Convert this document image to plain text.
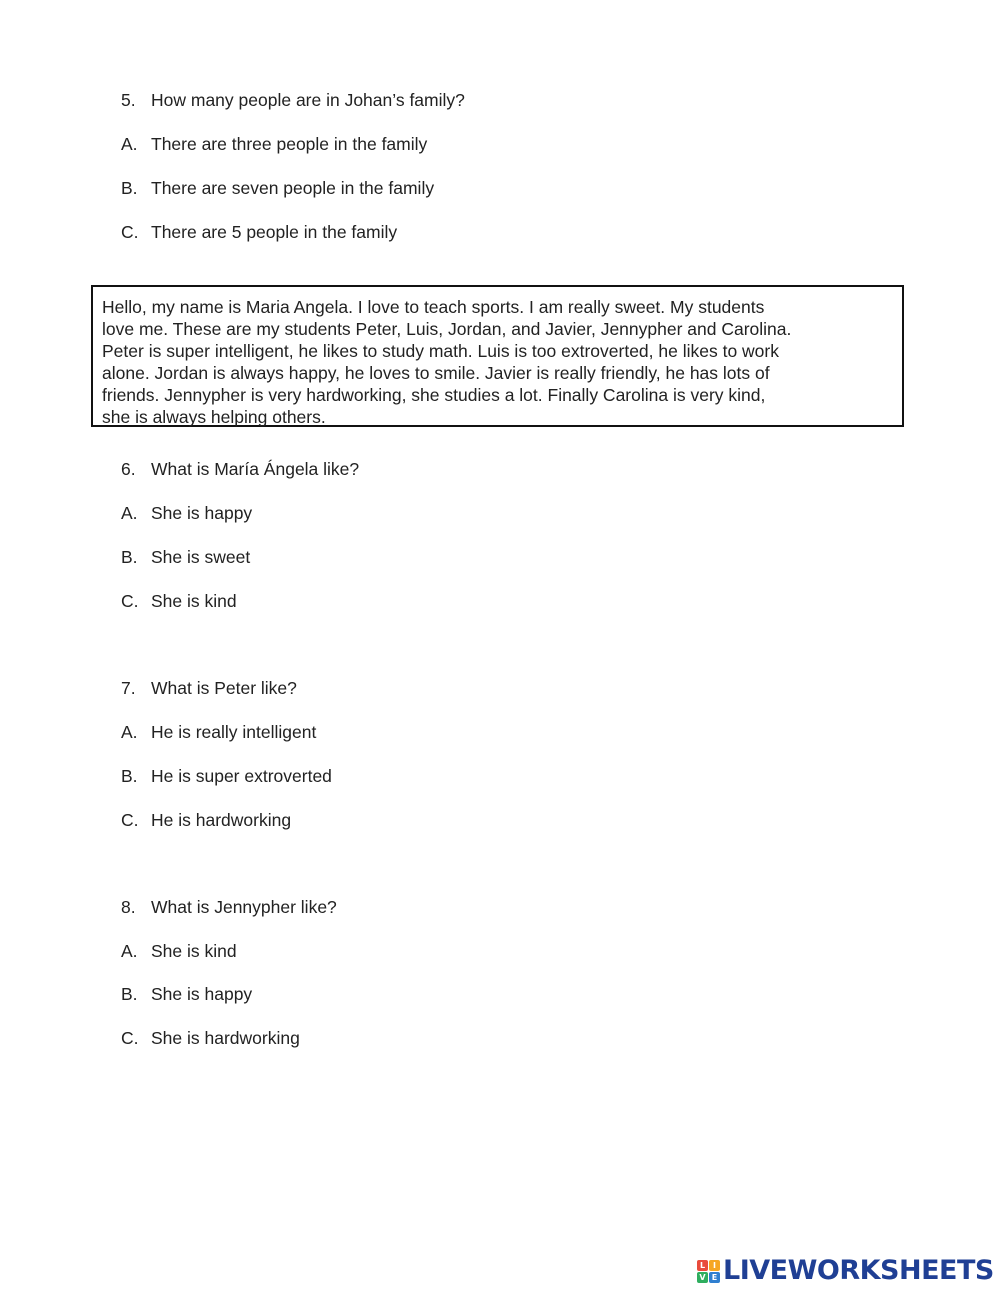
5. How many people are in Johan’s family?
A. There are three people in the family
B. There are seven people in the family
C. There are 5 people in the family
Hello, my name is Maria Angela. I love to teach sports. I am really sweet. My students
love me. These are my students Peter, Luis, Jordan, and Javier, Jennypher and Carolina.
Peter is super intelligent, he likes to study math. Luis is too extroverted, he likes to work
alone. Jordan is always happy, he loves to smile. Javier is really friendly, he has lots of
friends. Jennypher is very hardworking, she studies a lot. Finally Carolina is very kind,
she is always helping others.
6. What is María Ángela like?
A. She is happy
B. She is sweet
C. She is kind
7. What is Peter like?
A. He is really intelligent
B. He is super extroverted
C. He is hardworking
8. What is Jennypher like?
A. She is kind
B. She is happy
C. She is hardworking
L I
V E LIVEWORKSHEETS
